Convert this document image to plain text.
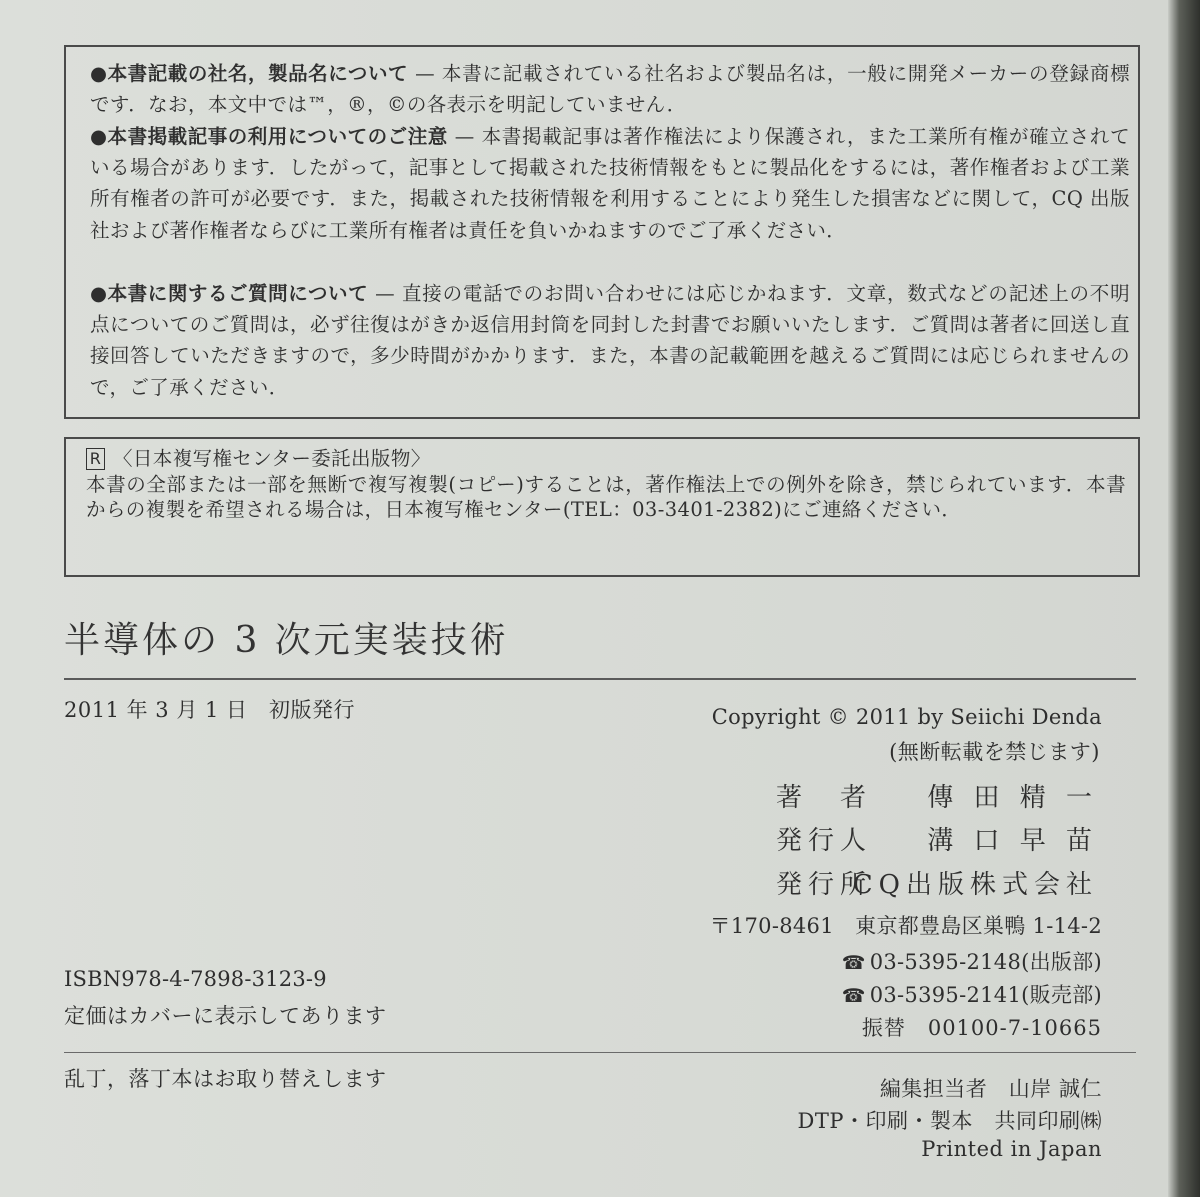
●本書記載の社名，製品名について — 本書に記載されている社名および製品名は，一般に開発メーカーの登録商標です．なお，本文中では™，®，©の各表示を明記していません．
●本書掲載記事の利用についてのご注意 — 本書掲載記事は著作権法により保護され，また工業所有権が確立されている場合があります．したがって，記事として掲載された技術情報をもとに製品化をするには，著作権者および工業所有権者の許可が必要です．また，掲載された技術情報を利用することにより発生した損害などに関して，CQ 出版社および著作権者ならびに工業所有権者は責任を負いかねますのでご了承ください．
●本書に関するご質問について — 直接の電話でのお問い合わせには応じかねます．文章，数式などの記述上の不明点についてのご質問は，必ず往復はがきか返信用封筒を同封した封書でお願いいたします．ご質問は著者に回送し直接回答していただきますので，多少時間がかかります．また，本書の記載範囲を越えるご質問には応じられませんので，ご了承ください．
R 〈日本複写権センター委託出版物〉
本書の全部または一部を無断で複写複製(コピー)することは，著作権法上での例外を除き，禁じられています．本書からの複製を希望される場合は，日本複写権センター(TEL：03-3401-2382)にご連絡ください．
半導体の 3 次元実装技術
2011 年 3 月 1 日　初版発行	Copyright © 2011 by Seiichi Denda
(無断転載を禁じます)
著　者 傳 田 精 一
発行人 溝 口 早 苗
発行所
CQ出版株式会社
〒170-8461　東京都豊島区巣鴨 1-14-2
☎ 03-5395-2148(出版部)
☎ 03-5395-2141(販売部)
振替　00100-7-10665
ISBN978-4-7898-3123-9
定価はカバーに表示してあります
乱丁，落丁本はお取り替えします	編集担当者　山岸 誠仁
DTP・印刷・製本　共同印刷㈱
Printed in Japan
